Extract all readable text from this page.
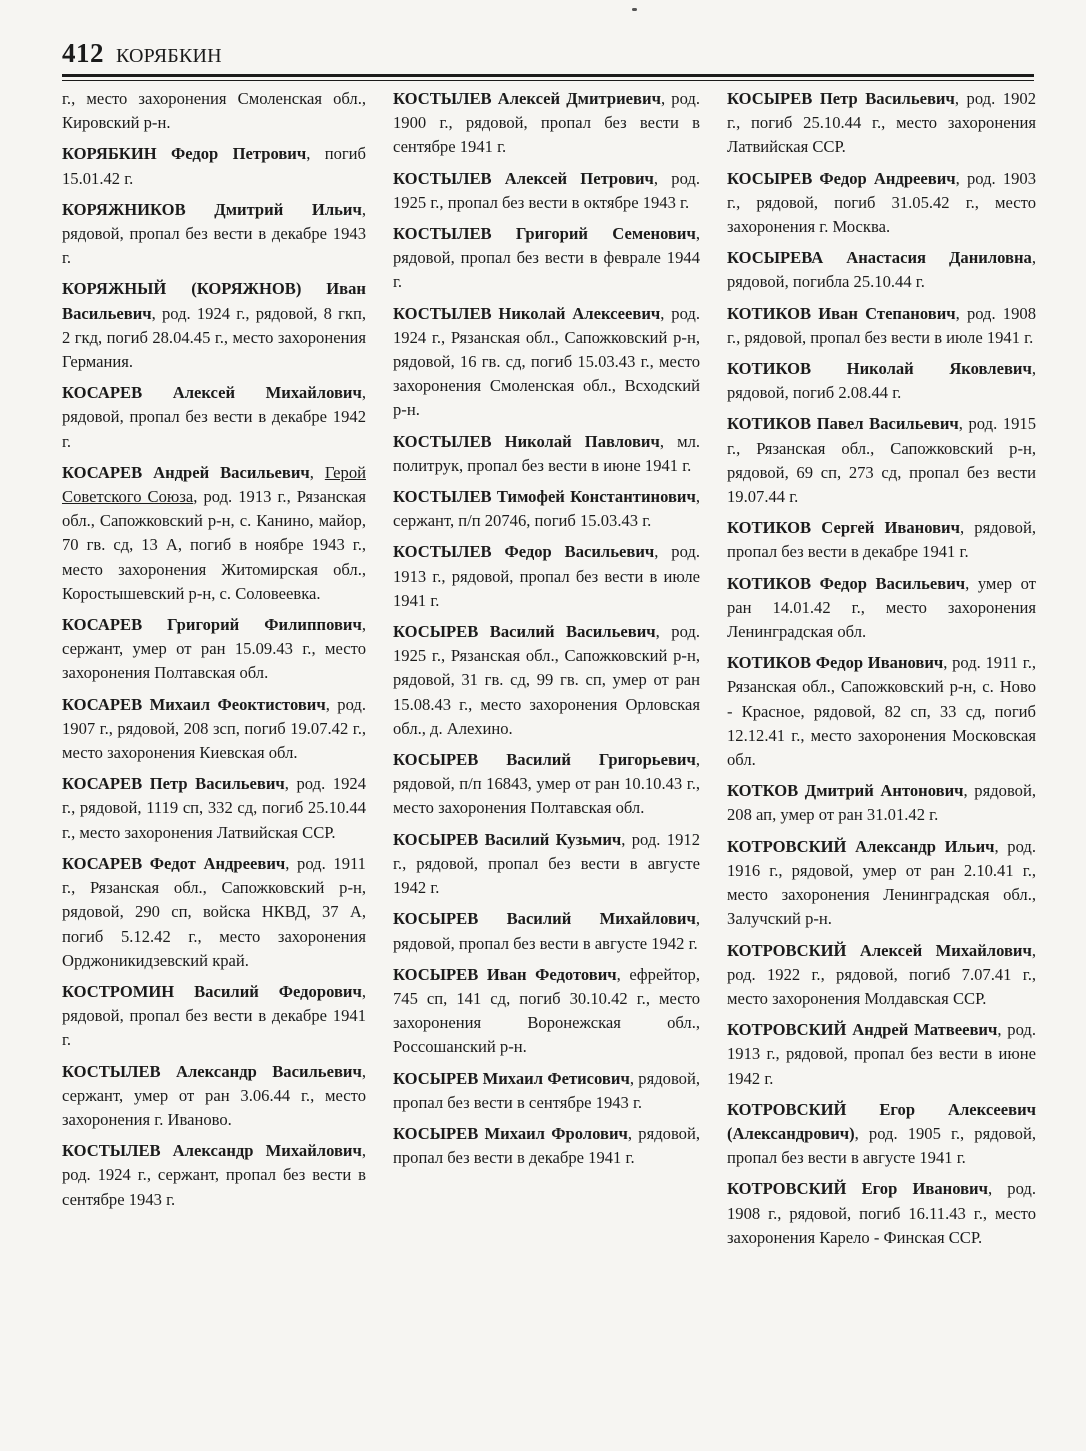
412 КОРЯБКИН

г., место захоронения Смоленская обл., Кировский р-н.

КОРЯБКИН Федор Петрович, погиб 15.01.42 г.

КОРЯЖНИКОВ Дмитрий Ильич, рядовой, пропал без вести в декабре 1943 г.

КОРЯЖНЫЙ (КОРЯЖНОВ) Иван Васильевич, род. 1924 г., рядовой, 8 гкп, 2 гкд, погиб 28.04.45 г., место захоронения Германия.

КОСАРЕВ Алексей Михайлович, рядовой, пропал без вести в декабре 1942 г.

КОСАРЕВ Андрей Васильевич, Герой Советского Союза, род. 1913 г., Рязанская обл., Сапожковский р-н, с. Канино, майор, 70 гв. сд, 13 А, погиб в ноябре 1943 г., место захоронения Житомирская обл., Коростышевский р-н, с. Соловеевка.

КОСАРЕВ Григорий Филиппович, сержант, умер от ран 15.09.43 г., место захоронения Полтавская обл.

КОСАРЕВ Михаил Феоктистович, род. 1907 г., рядовой, 208 зсп, погиб 19.07.42 г., место захоронения Киевская обл.

КОСАРЕВ Петр Васильевич, род. 1924 г., рядовой, 1119 сп, 332 сд, погиб 25.10.44 г., место захоронения Латвийская ССР.

КОСАРЕВ Федот Андреевич, род. 1911 г., Рязанская обл., Сапожковский р-н, рядовой, 290 сп, войска НКВД, 37 А, погиб 5.12.42 г., место захоронения Орджоникидзевский край.

КОСТРОМИН Василий Федорович, рядовой, пропал без вести в декабре 1941 г.

КОСТЫЛЕВ Александр Васильевич, сержант, умер от ран 3.06.44 г., место захоронения г. Иваново.

КОСТЫЛЕВ Александр Михайлович, род. 1924 г., сержант, пропал без вести в сентябре 1943 г.

КОСТЫЛЕВ Алексей Дмитриевич, род. 1900 г., рядовой, пропал без вести в сентябре 1941 г.

КОСТЫЛЕВ Алексей Петрович, род. 1925 г., пропал без вести в октябре 1943 г.

КОСТЫЛЕВ Григорий Семенович, рядовой, пропал без вести в феврале 1944 г.

КОСТЫЛЕВ Николай Алексеевич, род. 1924 г., Рязанская обл., Сапожковский р-н, рядовой, 16 гв. сд, погиб 15.03.43 г., место захоронения Смоленская обл., Всходский р-н.

КОСТЫЛЕВ Николай Павлович, мл. политрук, пропал без вести в июне 1941 г.

КОСТЫЛЕВ Тимофей Константинович, сержант, п/п 20746, погиб 15.03.43 г.

КОСТЫЛЕВ Федор Васильевич, род. 1913 г., рядовой, пропал без вести в июле 1941 г.

КОСЫРЕВ Василий Васильевич, род. 1925 г., Рязанская обл., Сапожковский р-н, рядовой, 31 гв. сд, 99 гв. сп, умер от ран 15.08.43 г., место захоронения Орловская обл., д. Алехино.

КОСЫРЕВ Василий Григорьевич, рядовой, п/п 16843, умер от ран 10.10.43 г., место захоронения Полтавская обл.

КОСЫРЕВ Василий Кузьмич, род. 1912 г., рядовой, пропал без вести в августе 1942 г.

КОСЫРЕВ Василий Михайлович, рядовой, пропал без вести в августе 1942 г.

КОСЫРЕВ Иван Федотович, ефрейтор, 745 сп, 141 сд, погиб 30.10.42 г., место захоронения Воронежская обл., Россошанский р-н.

КОСЫРЕВ Михаил Фетисович, рядовой, пропал без вести в сентябре 1943 г.

КОСЫРЕВ Михаил Фролович, рядовой, пропал без вести в декабре 1941 г.

КОСЫРЕВ Петр Васильевич, род. 1902 г., погиб 25.10.44 г., место захоронения Латвийская ССР.

КОСЫРЕВ Федор Андреевич, род. 1903 г., рядовой, погиб 31.05.42 г., место захоронения г. Москва.

КОСЫРЕВА Анастасия Даниловна, рядовой, погибла 25.10.44 г.

КОТИКОВ Иван Степанович, род. 1908 г., рядовой, пропал без вести в июле 1941 г.

КОТИКОВ Николай Яковлевич, рядовой, погиб 2.08.44 г.

КОТИКОВ Павел Васильевич, род. 1915 г., Рязанская обл., Сапожковский р-н, рядовой, 69 сп, 273 сд, пропал без вести 19.07.44 г.

КОТИКОВ Сергей Иванович, рядовой, пропал без вести в декабре 1941 г.

КОТИКОВ Федор Васильевич, умер от ран 14.01.42 г., место захоронения Ленинградская обл.

КОТИКОВ Федор Иванович, род. 1911 г., Рязанская обл., Сапожковский р-н, с. Ново - Красное, рядовой, 82 сп, 33 сд, погиб 12.12.41 г., место захоронения Московская обл.

КОТКОВ Дмитрий Антонович, рядовой, 208 ап, умер от ран 31.01.42 г.

КОТРОВСКИЙ Александр Ильич, род. 1916 г., рядовой, умер от ран 2.10.41 г., место захоронения Ленинградская обл., Залучский р-н.

КОТРОВСКИЙ Алексей Михайлович, род. 1922 г., рядовой, погиб 7.07.41 г., место захоронения Молдавская ССР.

КОТРОВСКИЙ Андрей Матвеевич, род. 1913 г., рядовой, пропал без вести в июне 1942 г.

КОТРОВСКИЙ Егор Алексеевич (Александрович), род. 1905 г., рядовой, пропал без вести в августе 1941 г.

КОТРОВСКИЙ Егор Иванович, род. 1908 г., рядовой, погиб 16.11.43 г., место захоронения Карело - Финская ССР.
